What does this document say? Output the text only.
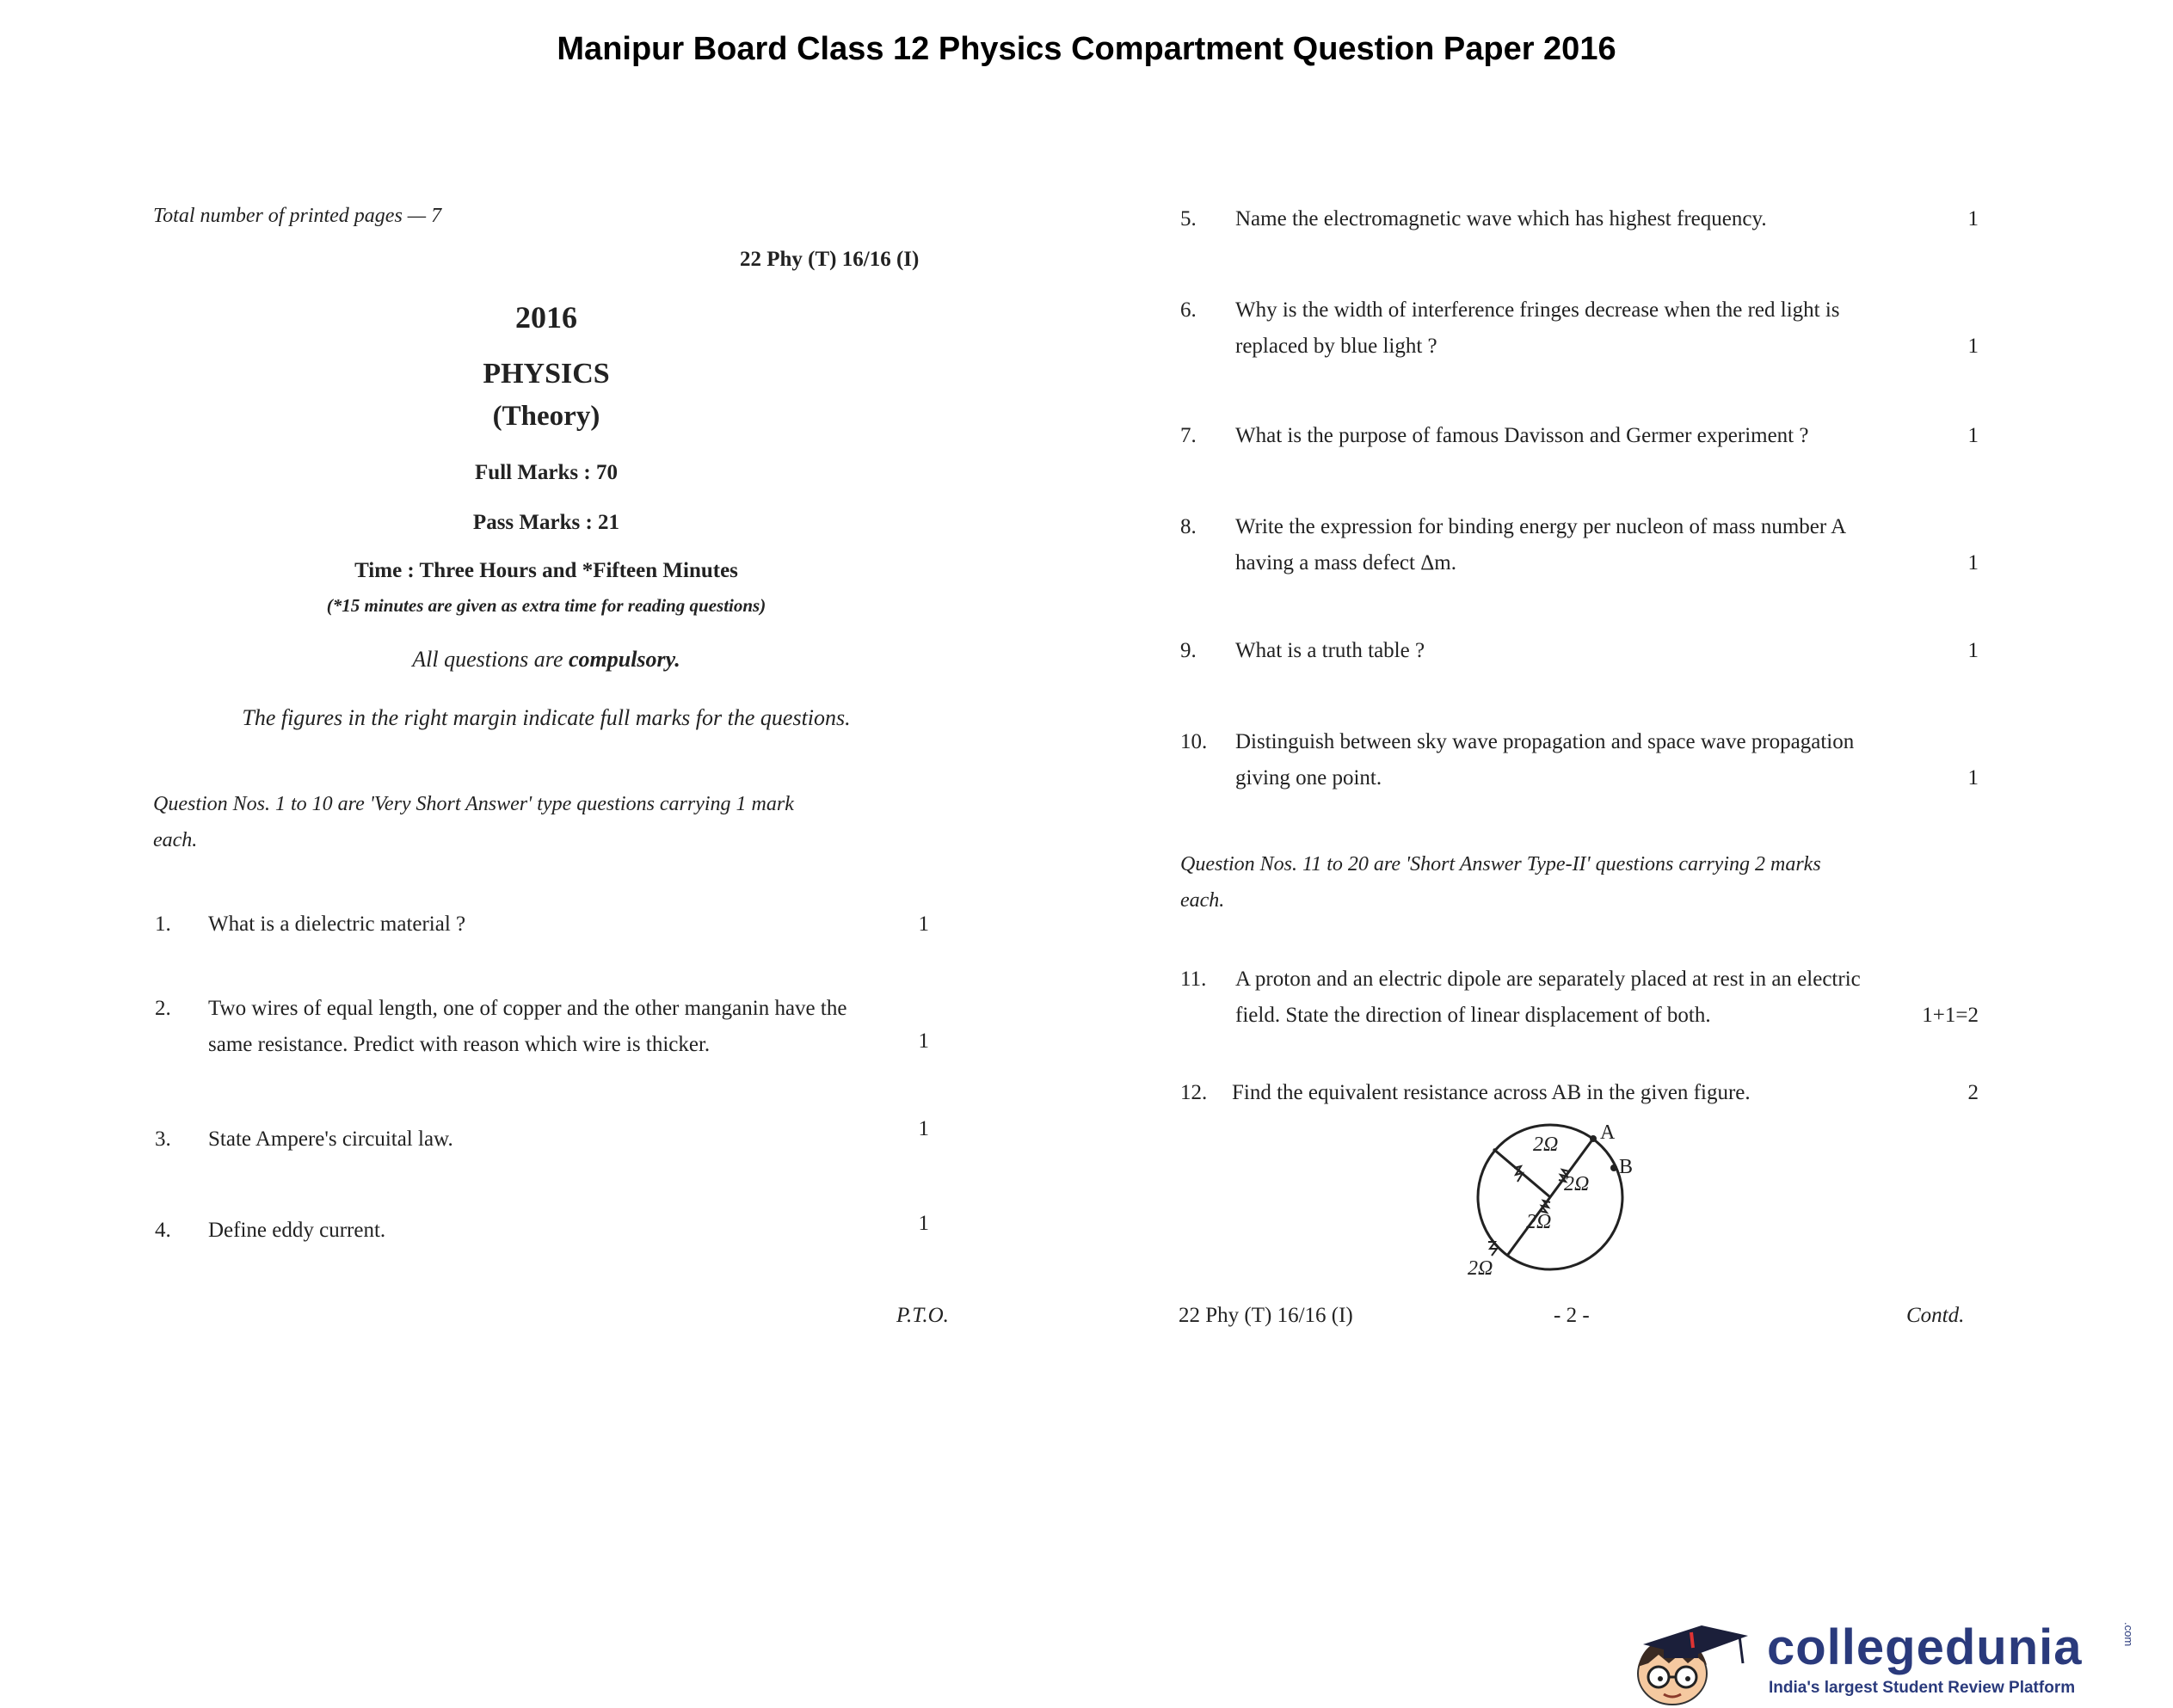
Manipur Board Class 12 Physics Compartment Question Paper 2016
Total number of printed pages — 7
22 Phy (T) 16/16 (I)
2016
PHYSICS
(Theory)
Full Marks : 70
Pass Marks : 21
Time : Three Hours and *Fifteen Minutes
(*15 minutes are given as extra time for reading questions)
All questions are compulsory.
The figures in the right margin indicate full marks for the questions.
Question Nos. 1 to 10 are 'Very Short Answer' type questions carrying 1 mark
each.
1. What is a dielectric material ?	1
2. Two wires of equal length, one of copper and the other manganin have the
same resistance. Predict with reason which wire is thicker.	1
3. State Ampere's circuital law.	1
4. Define eddy current.	1
P.T.O.
5. Name the electromagnetic wave which has highest frequency.	1
6. Why is the width of interference fringes decrease when the red light is
replaced by blue light ?	1
7. What is the purpose of famous Davisson and Germer experiment ?	1
8. Write the expression for binding energy per nucleon of mass number A
having a mass defect Δm.	1
9. What is a truth table ?	1
10. Distinguish between sky wave propagation and space wave propagation
giving one point.	1
Question Nos. 11 to 20 are 'Short Answer Type-II' questions carrying 2 marks
each.
11. A proton and an electric dipole are separately placed at rest in an electric
field. State the direction of linear displacement of both.	1+1=2
12. Find the equivalent resistance across AB in the given figure.	2
2Ω
2Ω
2Ω
2Ω
A
B
22 Phy (T) 16/16 (I)	- 2 -	Contd.
collegedunia	.com
India's largest Student Review Platform
